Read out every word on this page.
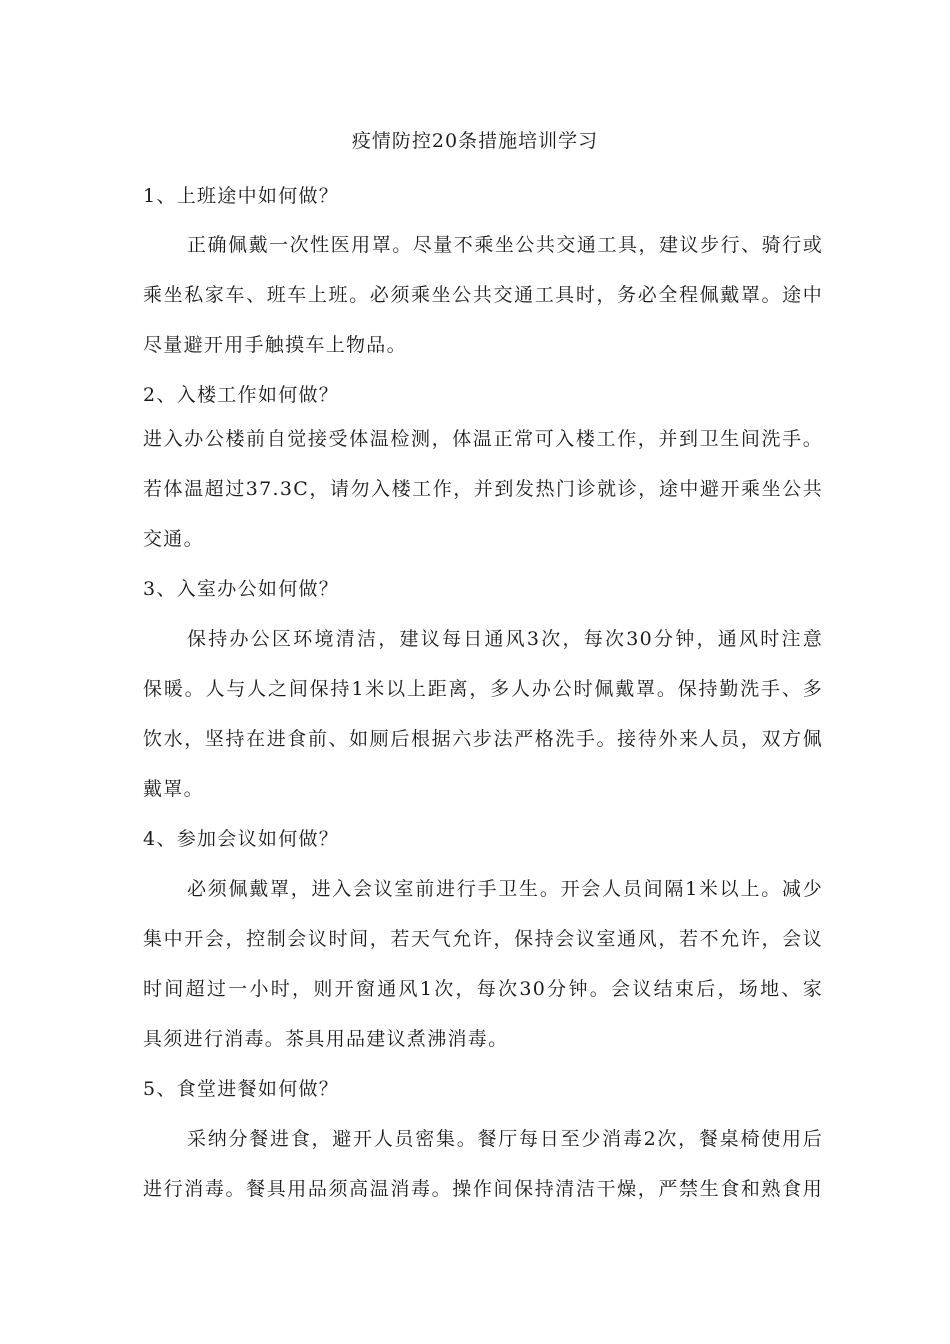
疫情防控20条措施培训学习
1、上班途中如何做？
正确佩戴一次性医用罩。尽量不乘坐公共交通工具，建议步行、骑行或
乘坐私家车、班车上班。必须乘坐公共交通工具时，务必全程佩戴罩。途中
尽量避开用手触摸车上物品。
2、入楼工作如何做？
进入办公楼前自觉接受体温检测，体温正常可入楼工作，并到卫生间洗手。
若体温超过37.3C，请勿入楼工作，并到发热门诊就诊，途中避开乘坐公共
交通。
3、入室办公如何做？
保持办公区环境清洁，建议每日通风3次，每次30分钟，通风时注意
保暖。人与人之间保持1米以上距离，多人办公时佩戴罩。保持勤洗手、多
饮水，坚持在进食前、如厕后根据六步法严格洗手。接待外来人员，双方佩
戴罩。
4、参加会议如何做？
必须佩戴罩，进入会议室前进行手卫生。开会人员间隔1米以上。减少
集中开会，控制会议时间，若天气允许，保持会议室通风，若不允许，会议
时间超过一小时，则开窗通风1次，每次30分钟。会议结束后，场地、家
具须进行消毒。茶具用品建议煮沸消毒。
5、食堂进餐如何做？
采纳分餐进食，避开人员密集。餐厅每日至少消毒2次，餐桌椅使用后
进行消毒。餐具用品须高温消毒。操作间保持清洁干燥，严禁生食和熟食用
